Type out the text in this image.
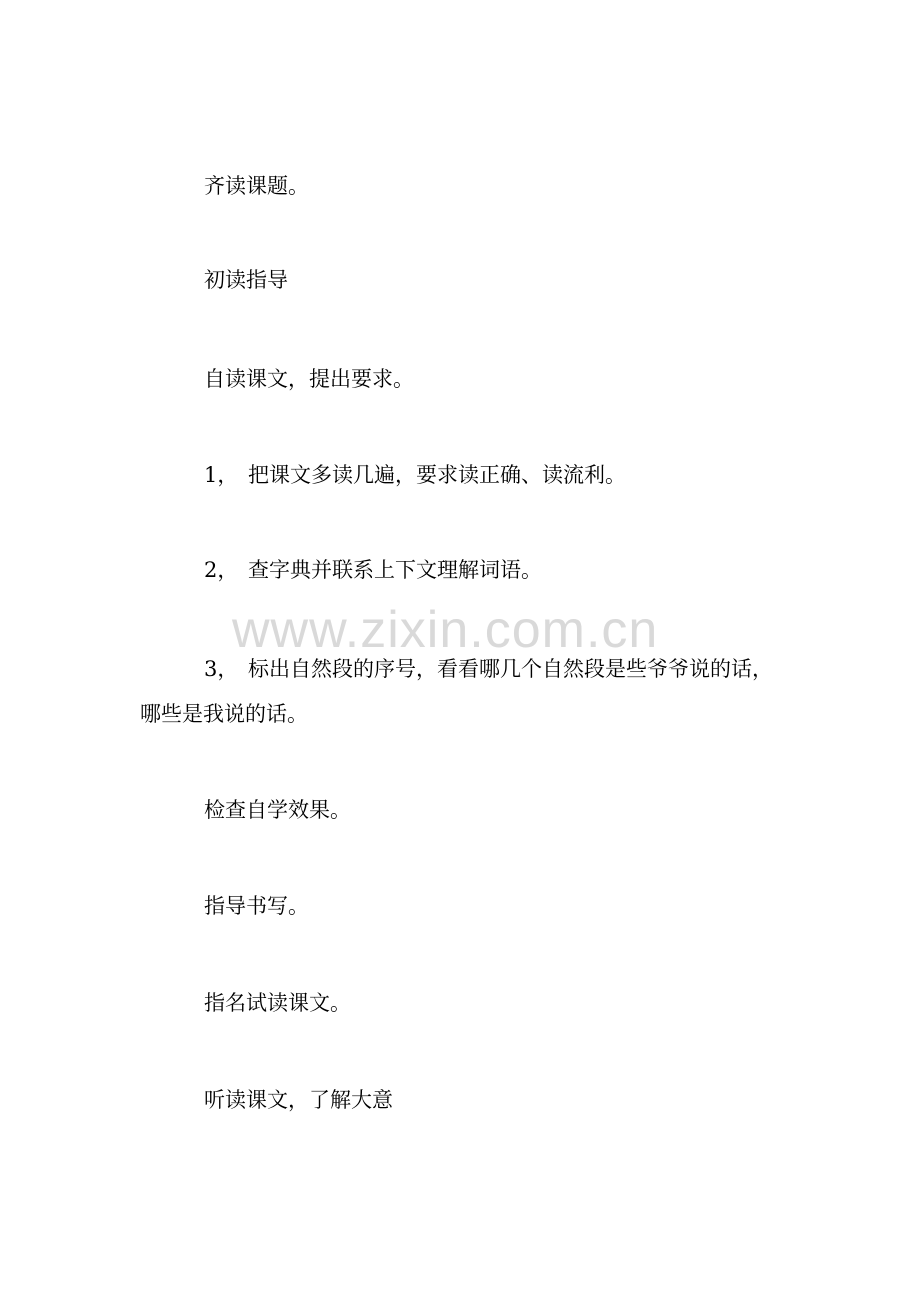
www.zixin.com.cn

齐读课题。

初读指导

自读课文，提出要求。

1， 把课文多读几遍，要求读正确、读流利。

2， 查字典并联系上下文理解词语。

3， 标出自然段的序号，看看哪几个自然段是些爷爷说的话，

哪些是我说的话。

检查自学效果。

指导书写。

指名试读课文。

听读课文，了解大意
